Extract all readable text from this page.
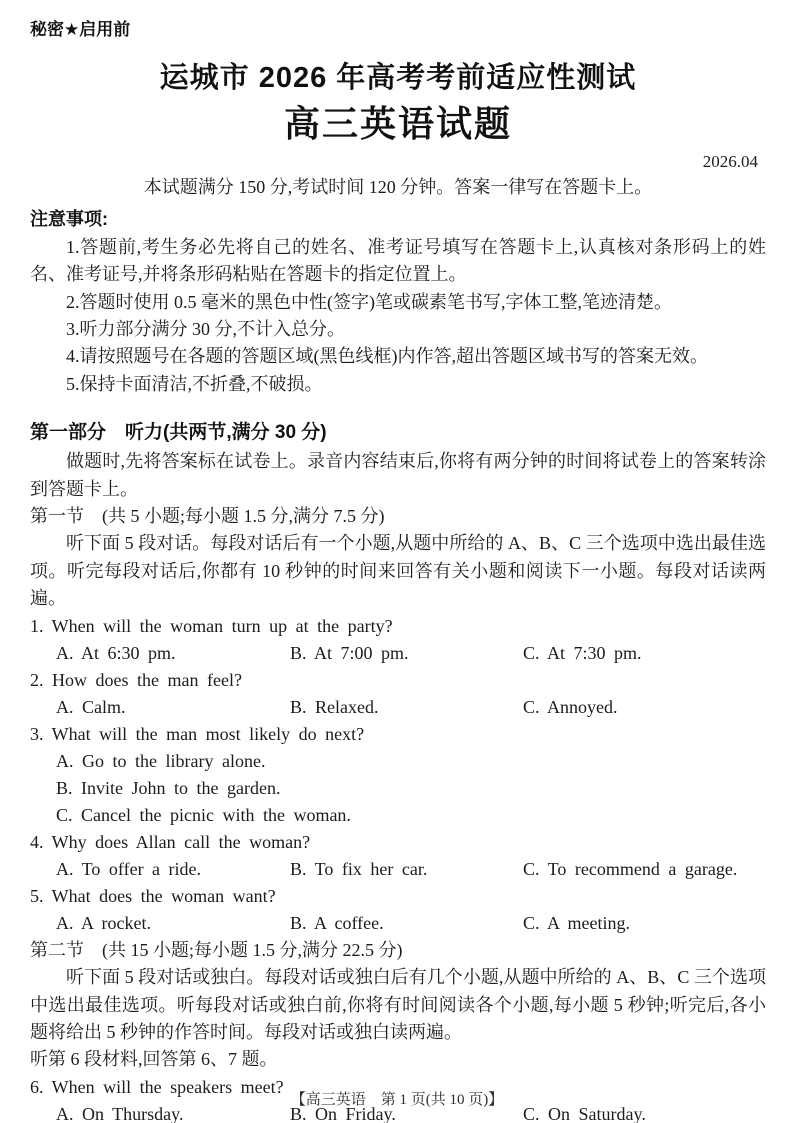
秘密★启用前
运城市 2026 年高考考前适应性测试
高三英语试题
2026.04
本试题满分 150 分,考试时间 120 分钟。答案一律写在答题卡上。
注意事项:

1.答题前,考生务必先将自己的姓名、准考证号填写在答题卡上,认真核对条形码上的姓名、准考证号,并将条形码粘贴在答题卡的指定位置上。

2.答题时使用 0.5 毫米的黑色中性(签字)笔或碳素笔书写,字体工整,笔迹清楚。

3.听力部分满分 30 分,不计入总分。

4.请按照题号在各题的答题区域(黑色线框)内作答,超出答题区域书写的答案无效。

5.保持卡面清洁,不折叠,不破损。

第一部分　听力(共两节,满分 30 分)

做题时,先将答案标在试卷上。录音内容结束后,你将有两分钟的时间将试卷上的答案转涂到答题卡上。

第一节　(共 5 小题;每小题 1.5 分,满分 7.5 分)

听下面 5 段对话。每段对话后有一个小题,从题中所给的 A、B、C 三个选项中选出最佳选项。听完每段对话后,你都有 10 秒钟的时间来回答有关小题和阅读下一小题。每段对话读两遍。

1. When will the woman turn up at the party?
A. At 6:30 pm.	B. At 7:00 pm.	C. At 7:30 pm.
2. How does the man feel?
A. Calm.	B. Relaxed.	C. Annoyed.
3. What will the man most likely do next?
A. Go to the library alone.
B. Invite John to the garden.
C. Cancel the picnic with the woman.
4. Why does Allan call the woman?
A. To offer a ride.	B. To fix her car.	C. To recommend a garage.
5. What does the woman want?
A. A rocket.	B. A coffee.	C. A meeting.

第二节　(共 15 小题;每小题 1.5 分,满分 22.5 分)

听下面 5 段对话或独白。每段对话或独白后有几个小题,从题中所给的 A、B、C 三个选项中选出最佳选项。听每段对话或独白前,你将有时间阅读各个小题,每小题 5 秒钟;听完后,各小题将给出 5 秒钟的作答时间。每段对话或独白读两遍。

听第 6 段材料,回答第 6、7 题。

6. When will the speakers meet?
A. On Thursday.	B. On Friday.	C. On Saturday.
【高三英语　第 1 页(共 10 页)】
